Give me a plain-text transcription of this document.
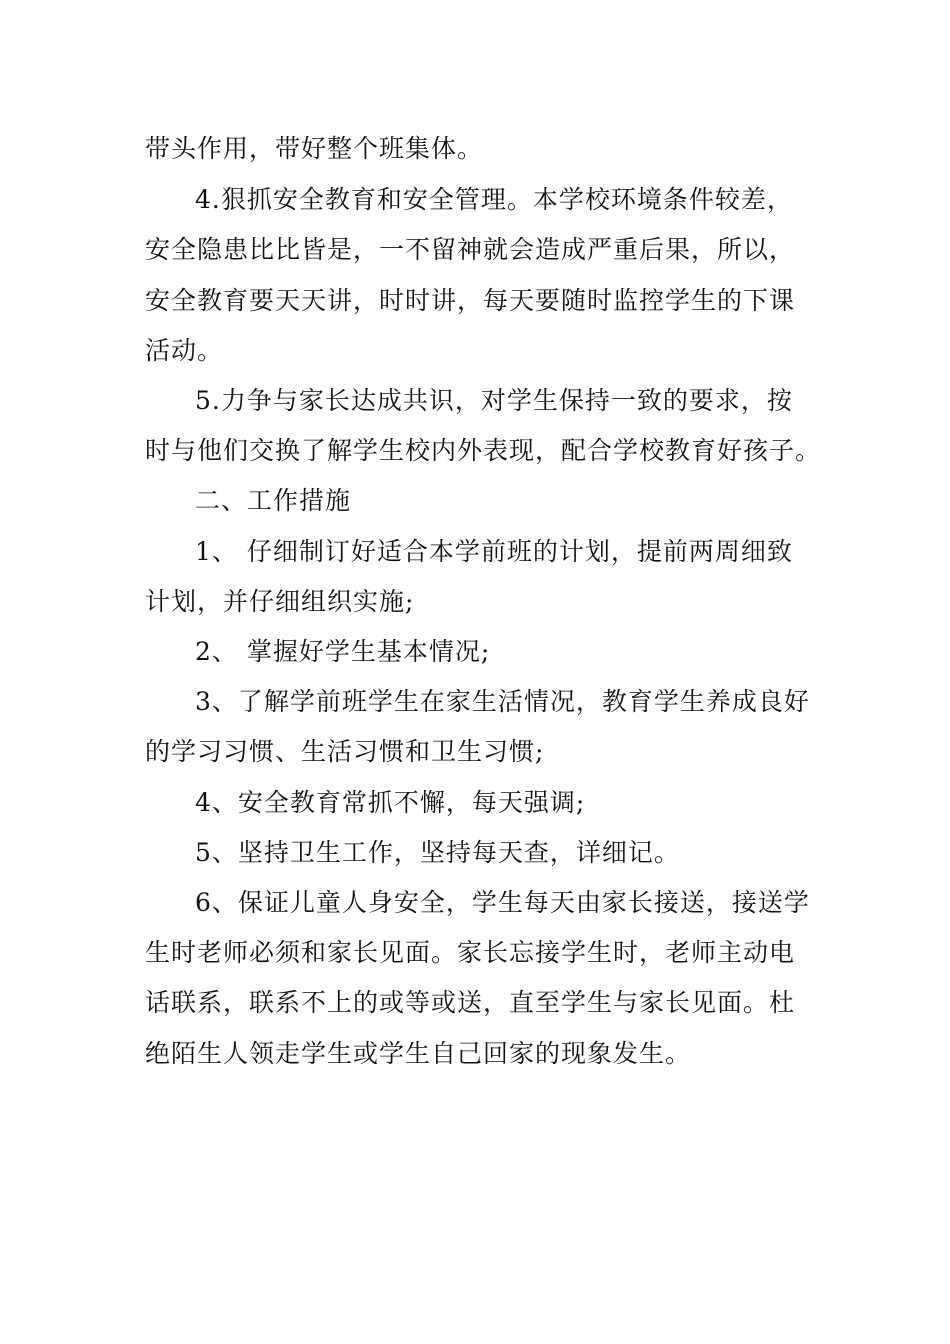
带头作用，带好整个班集体。
4.狠抓安全教育和安全管理。本学校环境条件较差，
安全隐患比比皆是，一不留神就会造成严重后果，所以，
安全教育要天天讲，时时讲，每天要随时监控学生的下课
活动。
5.力争与家长达成共识，对学生保持一致的要求，按
时与他们交换了解学生校内外表现，配合学校教育好孩子。
二、工作措施
1、 仔细制订好适合本学前班的计划，提前两周细致
计划，并仔细组织实施;
2、 掌握好学生基本情况;
3、了解学前班学生在家生活情况，教育学生养成良好
的学习习惯、生活习惯和卫生习惯;
4、安全教育常抓不懈，每天强调;
5、坚持卫生工作，坚持每天查，详细记。
6、保证儿童人身安全，学生每天由家长接送，接送学
生时老师必须和家长见面。家长忘接学生时，老师主动电
话联系，联系不上的或等或送，直至学生与家长见面。杜
绝陌生人领走学生或学生自己回家的现象发生。
